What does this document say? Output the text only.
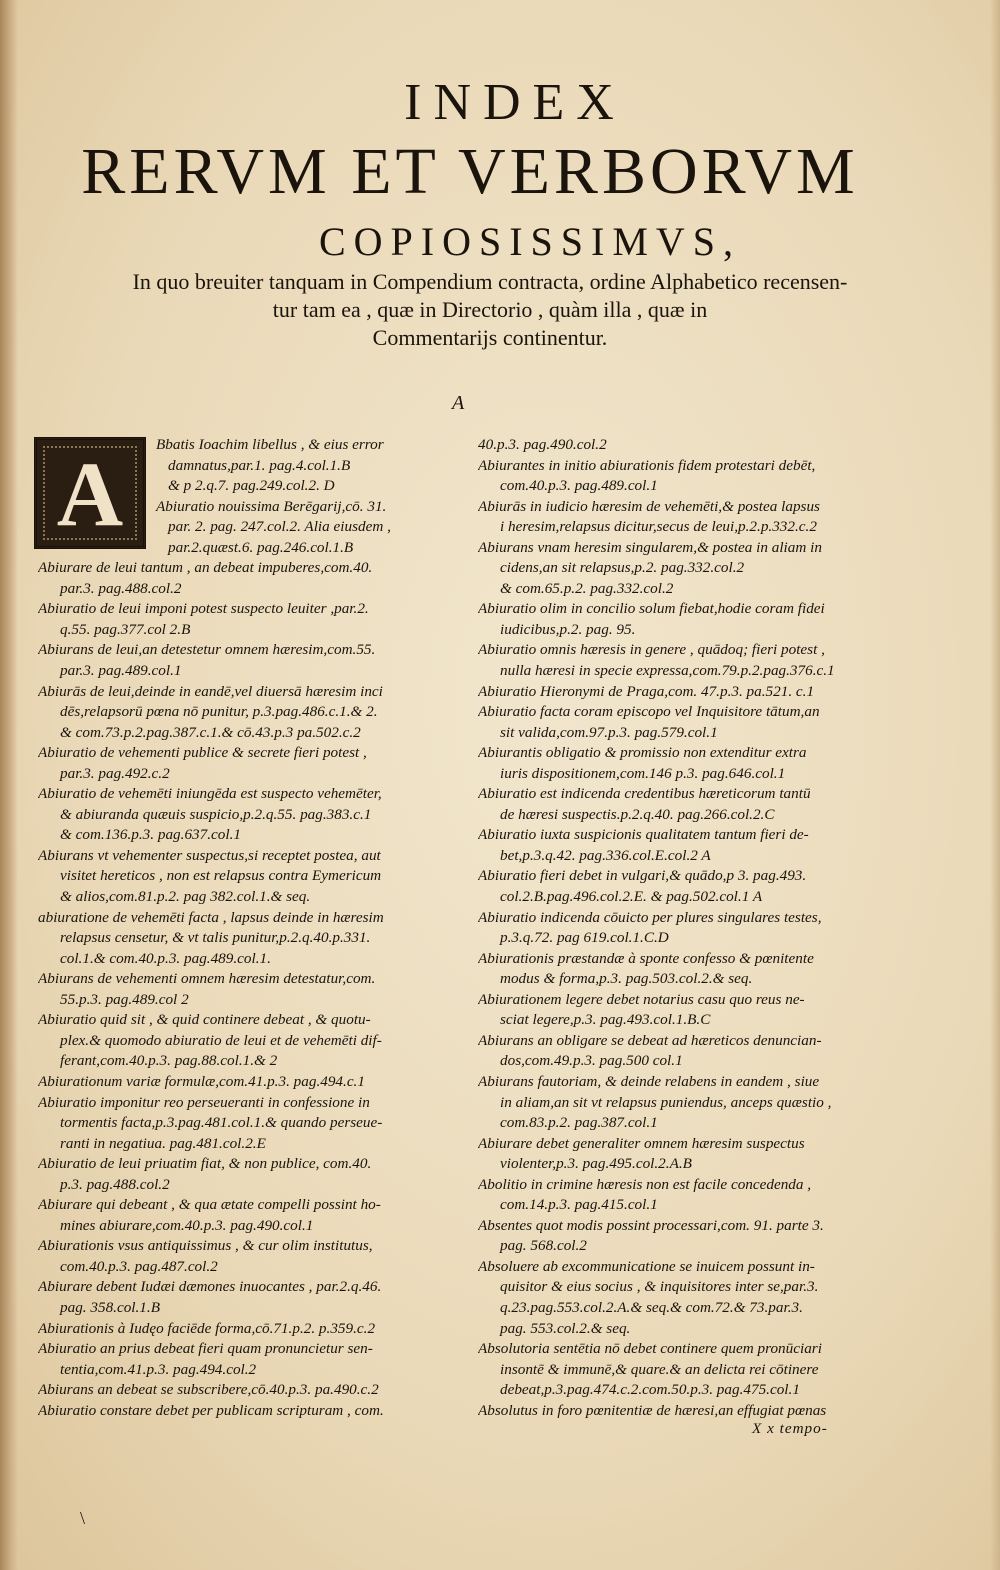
INDEX
RERVM ET VERBORVM
COPIOSISSIMVS,
In quo breuiter tanquam in Compendium contracta, ordine Alphabetico recensen-
tur tam ea , quæ in Directorio , quàm illa , quæ in
Commentarijs continentur.
A
A	Bbatis Ioachim libellus , & eius error
damnatus,par.1. pag.4.col.1.B
& p 2.q.7. pag.249.col.2. D
Abiuratio nouissima Berēgarij,cō. 31.
par. 2. pag. 247.col.2. Alia eiusdem ,
par.2.quæst.6. pag.246.col.1.B
Abiurare de leui tantum , an debeat impuberes,com.40.
par.3. pag.488.col.2
Abiuratio de leui imponi potest suspecto leuiter ,par.2.
q.55. pag.377.col 2.B
Abiurans de leui,an detestetur omnem hæresim,com.55.
par.3. pag.489.col.1
Abiurās de leui,deinde in eandē,vel diuersā hæresim inci
dēs,relapsorū pœna nō punitur, p.3.pag.486.c.1.& 2.
& com.73.p.2.pag.387.c.1.& cō.43.p.3 pa.502.c.2
Abiuratio de vehementi publice & secrete fieri potest ,
par.3. pag.492.c.2
Abiuratio de vehemēti iniungēda est suspecto vehemēter,
& abiuranda quæuis suspicio,p.2.q.55. pag.383.c.1
& com.136.p.3. pag.637.col.1
Abiurans vt vehementer suspectus,si receptet postea, aut
visitet hereticos , non est relapsus contra Eymericum
& alios,com.81.p.2. pag 382.col.1.& seq.
abiuratione de vehemēti facta , lapsus deinde in hæresim
relapsus censetur, & vt talis punitur,p.2.q.40.p.331.
col.1.& com.40.p.3. pag.489.col.1.
Abiurans de vehementi omnem hæresim detestatur,com.
55.p.3. pag.489.col 2
Abiuratio quid sit , & quid continere debeat , & quotu-
plex.& quomodo abiuratio de leui et de vehemēti dif-
ferant,com.40.p.3. pag.88.col.1.& 2
Abiurationum variæ formulæ,com.41.p.3. pag.494.c.1
Abiuratio imponitur reo perseueranti in confessione in
tormentis facta,p.3.pag.481.col.1.& quando perseue-
ranti in negatiua. pag.481.col.2.E
Abiuratio de leui priuatim fiat, & non publice, com.40.
p.3. pag.488.col.2
Abiurare qui debeant , & qua ætate compelli possint ho-
mines abiurare,com.40.p.3. pag.490.col.1
Abiurationis vsus antiquissimus , & cur olim institutus,
com.40.p.3. pag.487.col.2
Abiurare debent Iudæi dæmones inuocantes , par.2.q.46.
pag. 358.col.1.B
Abiurationis à Iudęo faciēde forma,cō.71.p.2. p.359.c.2
Abiuratio an prius debeat fieri quam pronuncietur sen-
tentia,com.41.p.3. pag.494.col.2
Abiurans an debeat se subscribere,cō.40.p.3. pa.490.c.2
Abiuratio constare debet per publicam scripturam , com.
40.p.3. pag.490.col.2
Abiurantes in initio abiurationis fidem protestari debēt,
com.40.p.3. pag.489.col.1
Abiurās in iudicio hæresim de vehemēti,& postea lapsus
i heresim,relapsus dicitur,secus de leui,p.2.p.332.c.2
Abiurans vnam heresim singularem,& postea in aliam in
cidens,an sit relapsus,p.2. pag.332.col.2
& com.65.p.2. pag.332.col.2
Abiuratio olim in concilio solum fiebat,hodie coram fidei
iudicibus,p.2. pag. 95.
Abiuratio omnis hæresis in genere , quādoq; fieri potest ,
nulla hæresi in specie expressa,com.79.p.2.pag.376.c.1
Abiuratio Hieronymi de Praga,com. 47.p.3. pa.521. c.1
Abiuratio facta coram episcopo vel Inquisitore tātum,an
sit valida,com.97.p.3. pag.579.col.1
Abiurantis obligatio & promissio non extenditur extra
iuris dispositionem,com.146 p.3. pag.646.col.1
Abiuratio est indicenda credentibus hæreticorum tantū
de hæresi suspectis.p.2.q.40. pag.266.col.2.C
Abiuratio iuxta suspicionis qualitatem tantum fieri de-
bet,p.3.q.42. pag.336.col.E.col.2 A
Abiuratio fieri debet in vulgari,& quādo,p 3. pag.493.
col.2.B.pag.496.col.2.E. & pag.502.col.1 A
Abiuratio indicenda cōuicto per plures singulares testes,
p.3.q.72. pag 619.col.1.C.D
Abiurationis præstandæ à sponte confesso & pœnitente
modus & forma,p.3. pag.503.col.2.& seq.
Abiurationem legere debet notarius casu quo reus ne-
sciat legere,p.3. pag.493.col.1.B.C
Abiurans an obligare se debeat ad hæreticos denuncian-
dos,com.49.p.3. pag.500 col.1
Abiurans fautoriam, & deinde relabens in eandem , siue
in aliam,an sit vt relapsus puniendus, anceps quæstio ,
com.83.p.2. pag.387.col.1
Abiurare debet generaliter omnem hæresim suspectus
violenter,p.3. pag.495.col.2.A.B
Abolitio in crimine hæresis non est facile concedenda ,
com.14.p.3. pag.415.col.1
Absentes quot modis possint processari,com. 91. parte 3.
pag. 568.col.2
Absoluere ab excommunicatione se inuicem possunt in-
quisitor & eius socius , & inquisitores inter se,par.3.
q.23.pag.553.col.2.A.& seq.& com.72.& 73.par.3.
pag. 553.col.2.& seq.
Absolutoria sentētia nō debet continere quem pronūciari
insontē & immunē,& quare.& an delicta rei cōtinere
debeat,p.3.pag.474.c.2.com.50.p.3. pag.475.col.1
Absolutus in foro pœnitentiæ de hæresi,an effugiat pœnas
X x tempo-
\
